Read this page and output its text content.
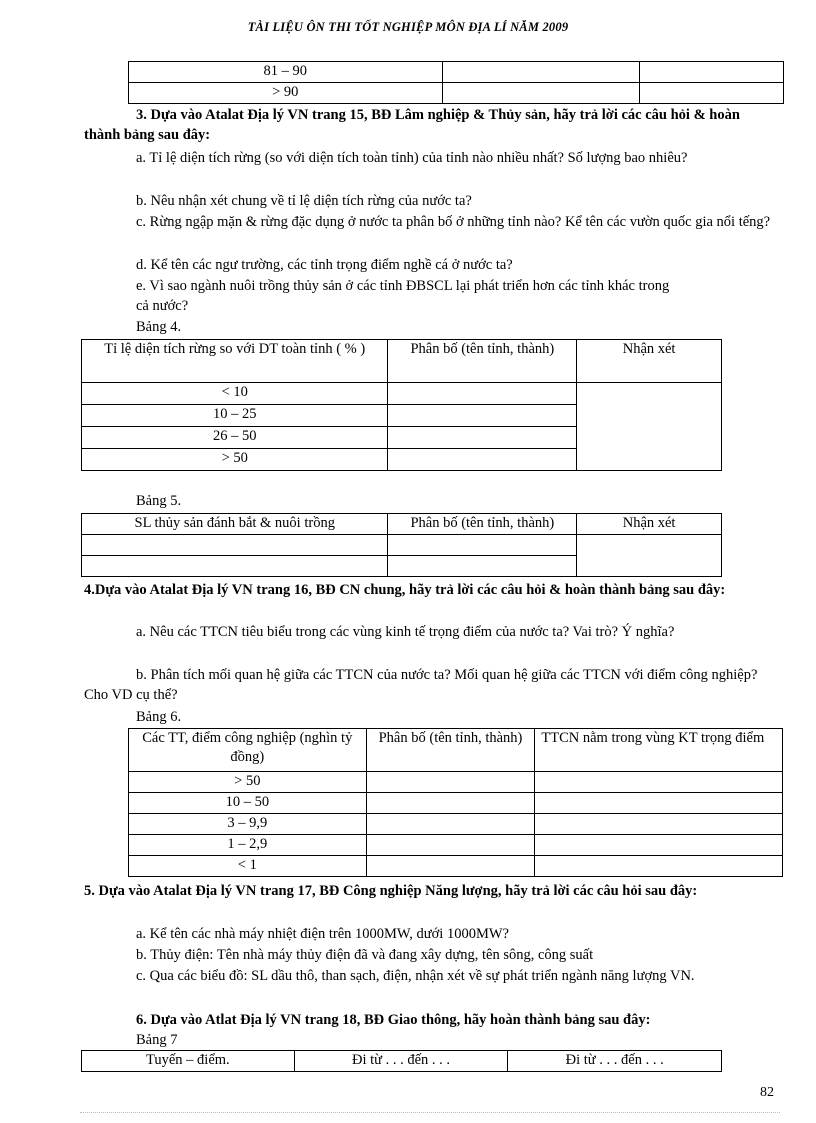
TÀI LIỆU ÔN THI TỐT NGHIỆP MÔN ĐỊA LÍ NĂM 2009
81 – 90		
> 90		
3. Dựa vào Atalat Địa lý VN trang 15, BĐ Lâm nghiệp & Thủy sản, hãy trả lời các câu hỏi & hoàn thành bảng sau đây:
a. Tỉ lệ diện tích rừng (so với diện tích toàn tỉnh) của tỉnh nào nhiều nhất? Số lượng bao nhiêu?
b. Nêu nhận xét chung về tỉ lệ diện tích rừng của nước ta?
c. Rừng ngập mặn & rừng đặc dụng ở nước ta phân bố ở những tỉnh nào? Kể tên các vườn quốc gia nổi tếng?
d. Kể tên các ngư trường, các tỉnh trọng điểm nghề cá ở nước ta?
e. Vì sao ngành nuôi trồng thủy sản ở các tỉnh ĐBSCL lại phát triển hơn các tỉnh khác trong
cả nước?
Bảng 4.
Tỉ lệ diện tích rừng so với DT toàn tỉnh ( % )	Phân bố (tên tỉnh, thành)	Nhận xét
< 10		
10 – 25		
26 – 50		
> 50		
Bảng 5.
SL thủy sản đánh bắt & nuôi trồng	Phân bố (tên tỉnh, thành)	Nhận xét

4.Dựa vào Atalat Địa lý VN trang 16, BĐ CN chung, hãy trả lời các câu hỏi & hoàn thành bảng sau đây:
a. Nêu các TTCN tiêu biểu trong các vùng kinh tế trọng điểm của nước ta? Vai trò? Ý nghĩa?
b. Phân tích mối quan hệ giữa các TTCN của nước ta? Mối quan hệ giữa các TTCN với điểm công nghiệp? Cho VD cụ thể?
Bảng 6.
Các TT, điểm công nghiệp (nghìn tỷ đồng)	Phân bố (tên tỉnh, thành)	TTCN nằm trong vùng KT trọng điểm
> 50		
10 – 50		
3 – 9,9		
1 – 2,9		
< 1		
5. Dựa vào Atalat Địa lý VN trang 17, BĐ Công nghiệp Năng lượng, hãy trả lời các câu hỏi sau đây:
a. Kể tên các nhà máy nhiệt điện trên 1000MW, dưới 1000MW?
b. Thủy điện: Tên nhà máy thủy điện đã và đang xây dựng, tên sông, công suất
c. Qua các biểu đồ: SL dầu thô, than sạch, điện, nhận xét về sự phát triển ngành năng lượng VN.
6. Dựa vào Atlat Địa lý VN trang 18, BĐ Giao thông, hãy hoàn thành bảng sau đây:
Bảng 7
Tuyến – điểm.	Đi từ . . . đến . . .	Đi từ . . . đến . . .
82
